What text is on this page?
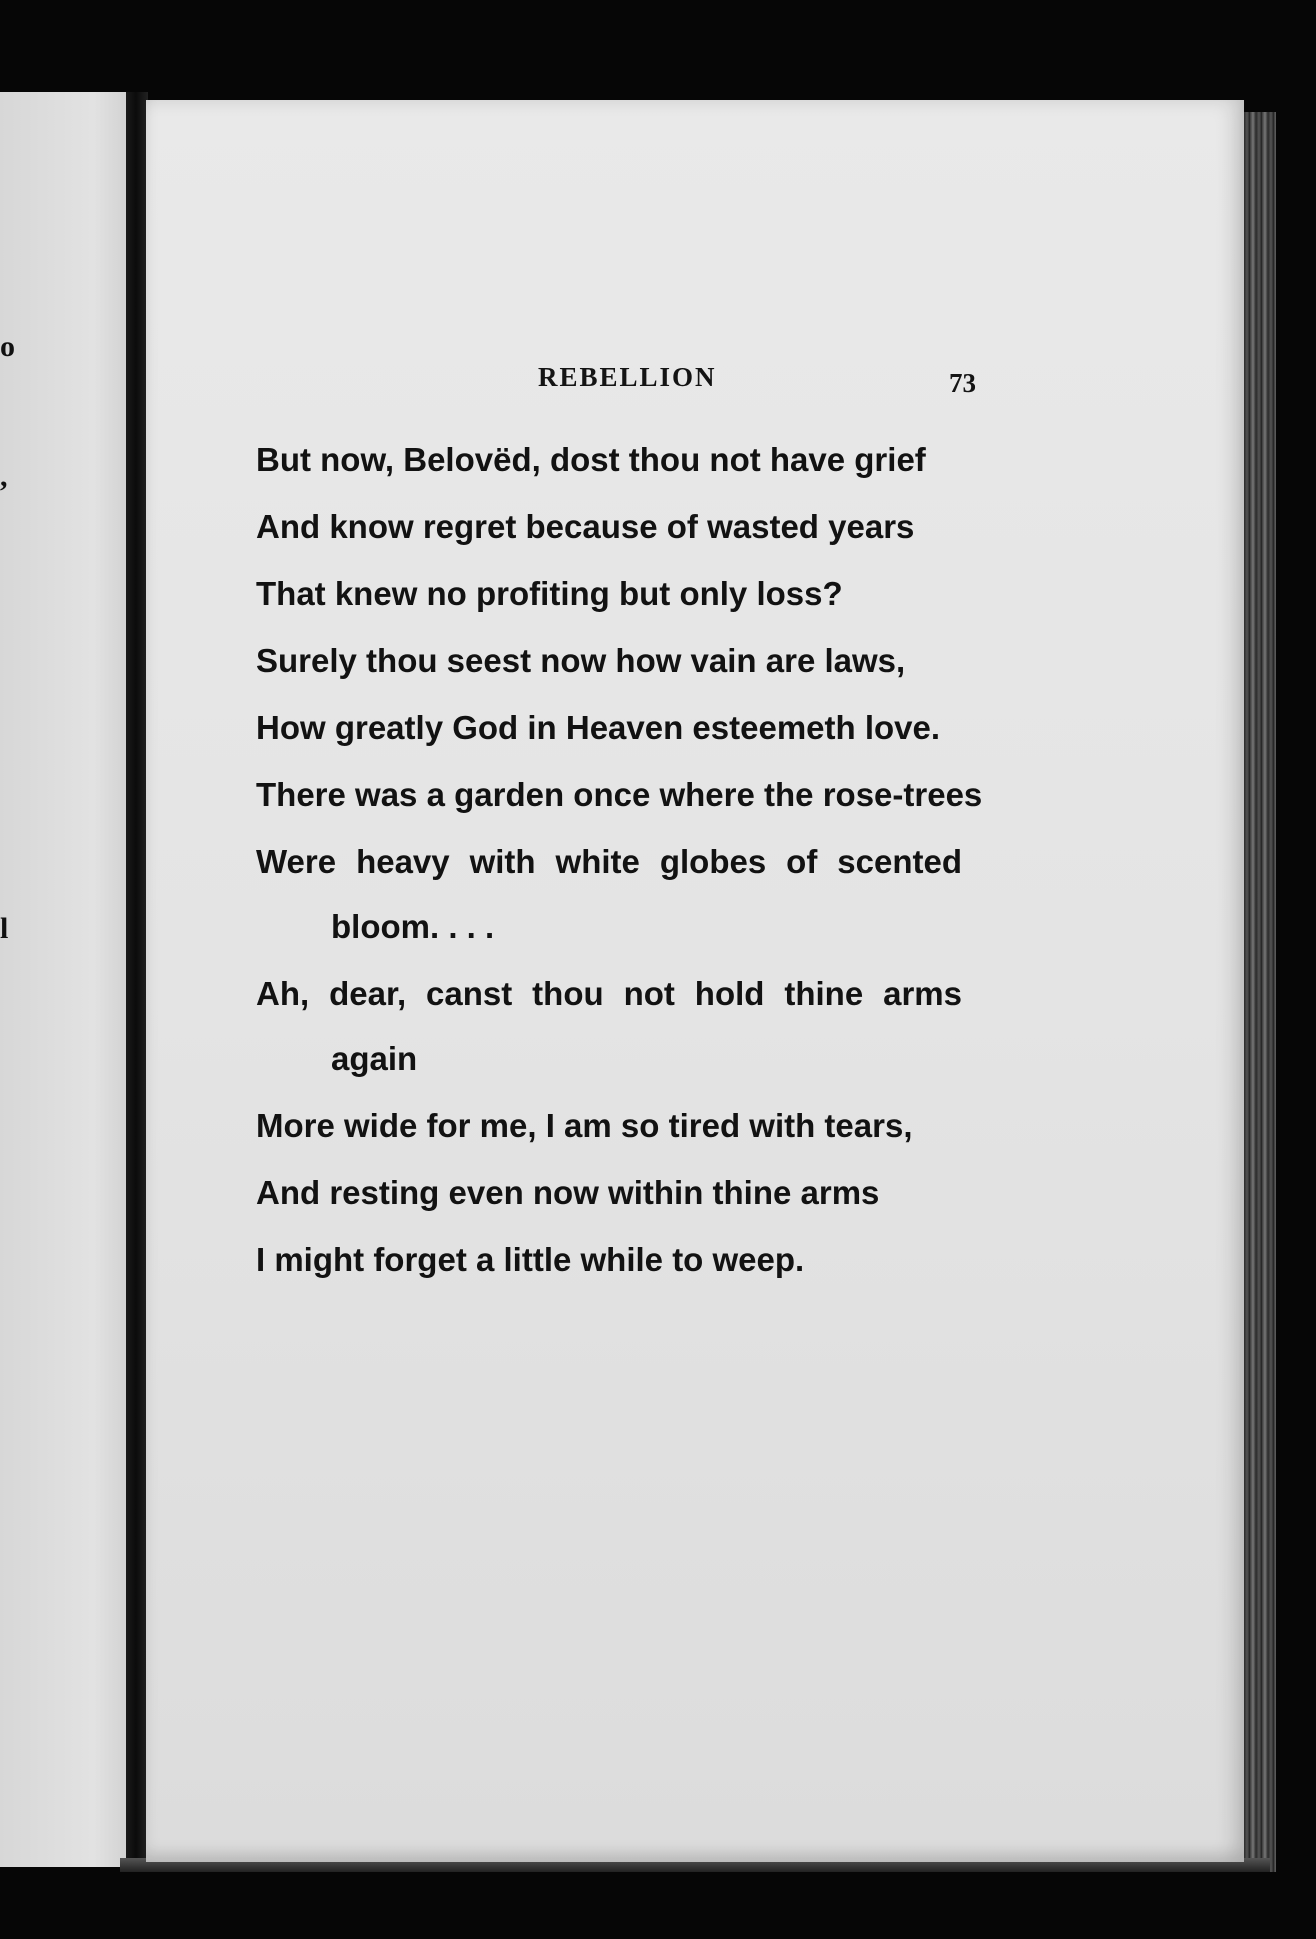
o
,
l
REBELLION	73
But now, Belovëd, dost thou not have grief
And know regret because of wasted years
That knew no profiting but only loss?
Surely thou seest now how vain are laws,
How greatly God in Heaven esteemeth love.
There was a garden once where the rose-trees
Were heavy with white globes of scented
bloom. . . .
Ah, dear, canst thou not hold thine arms
again
More wide for me, I am so tired with tears,
And resting even now within thine arms
I might forget a little while to weep.
